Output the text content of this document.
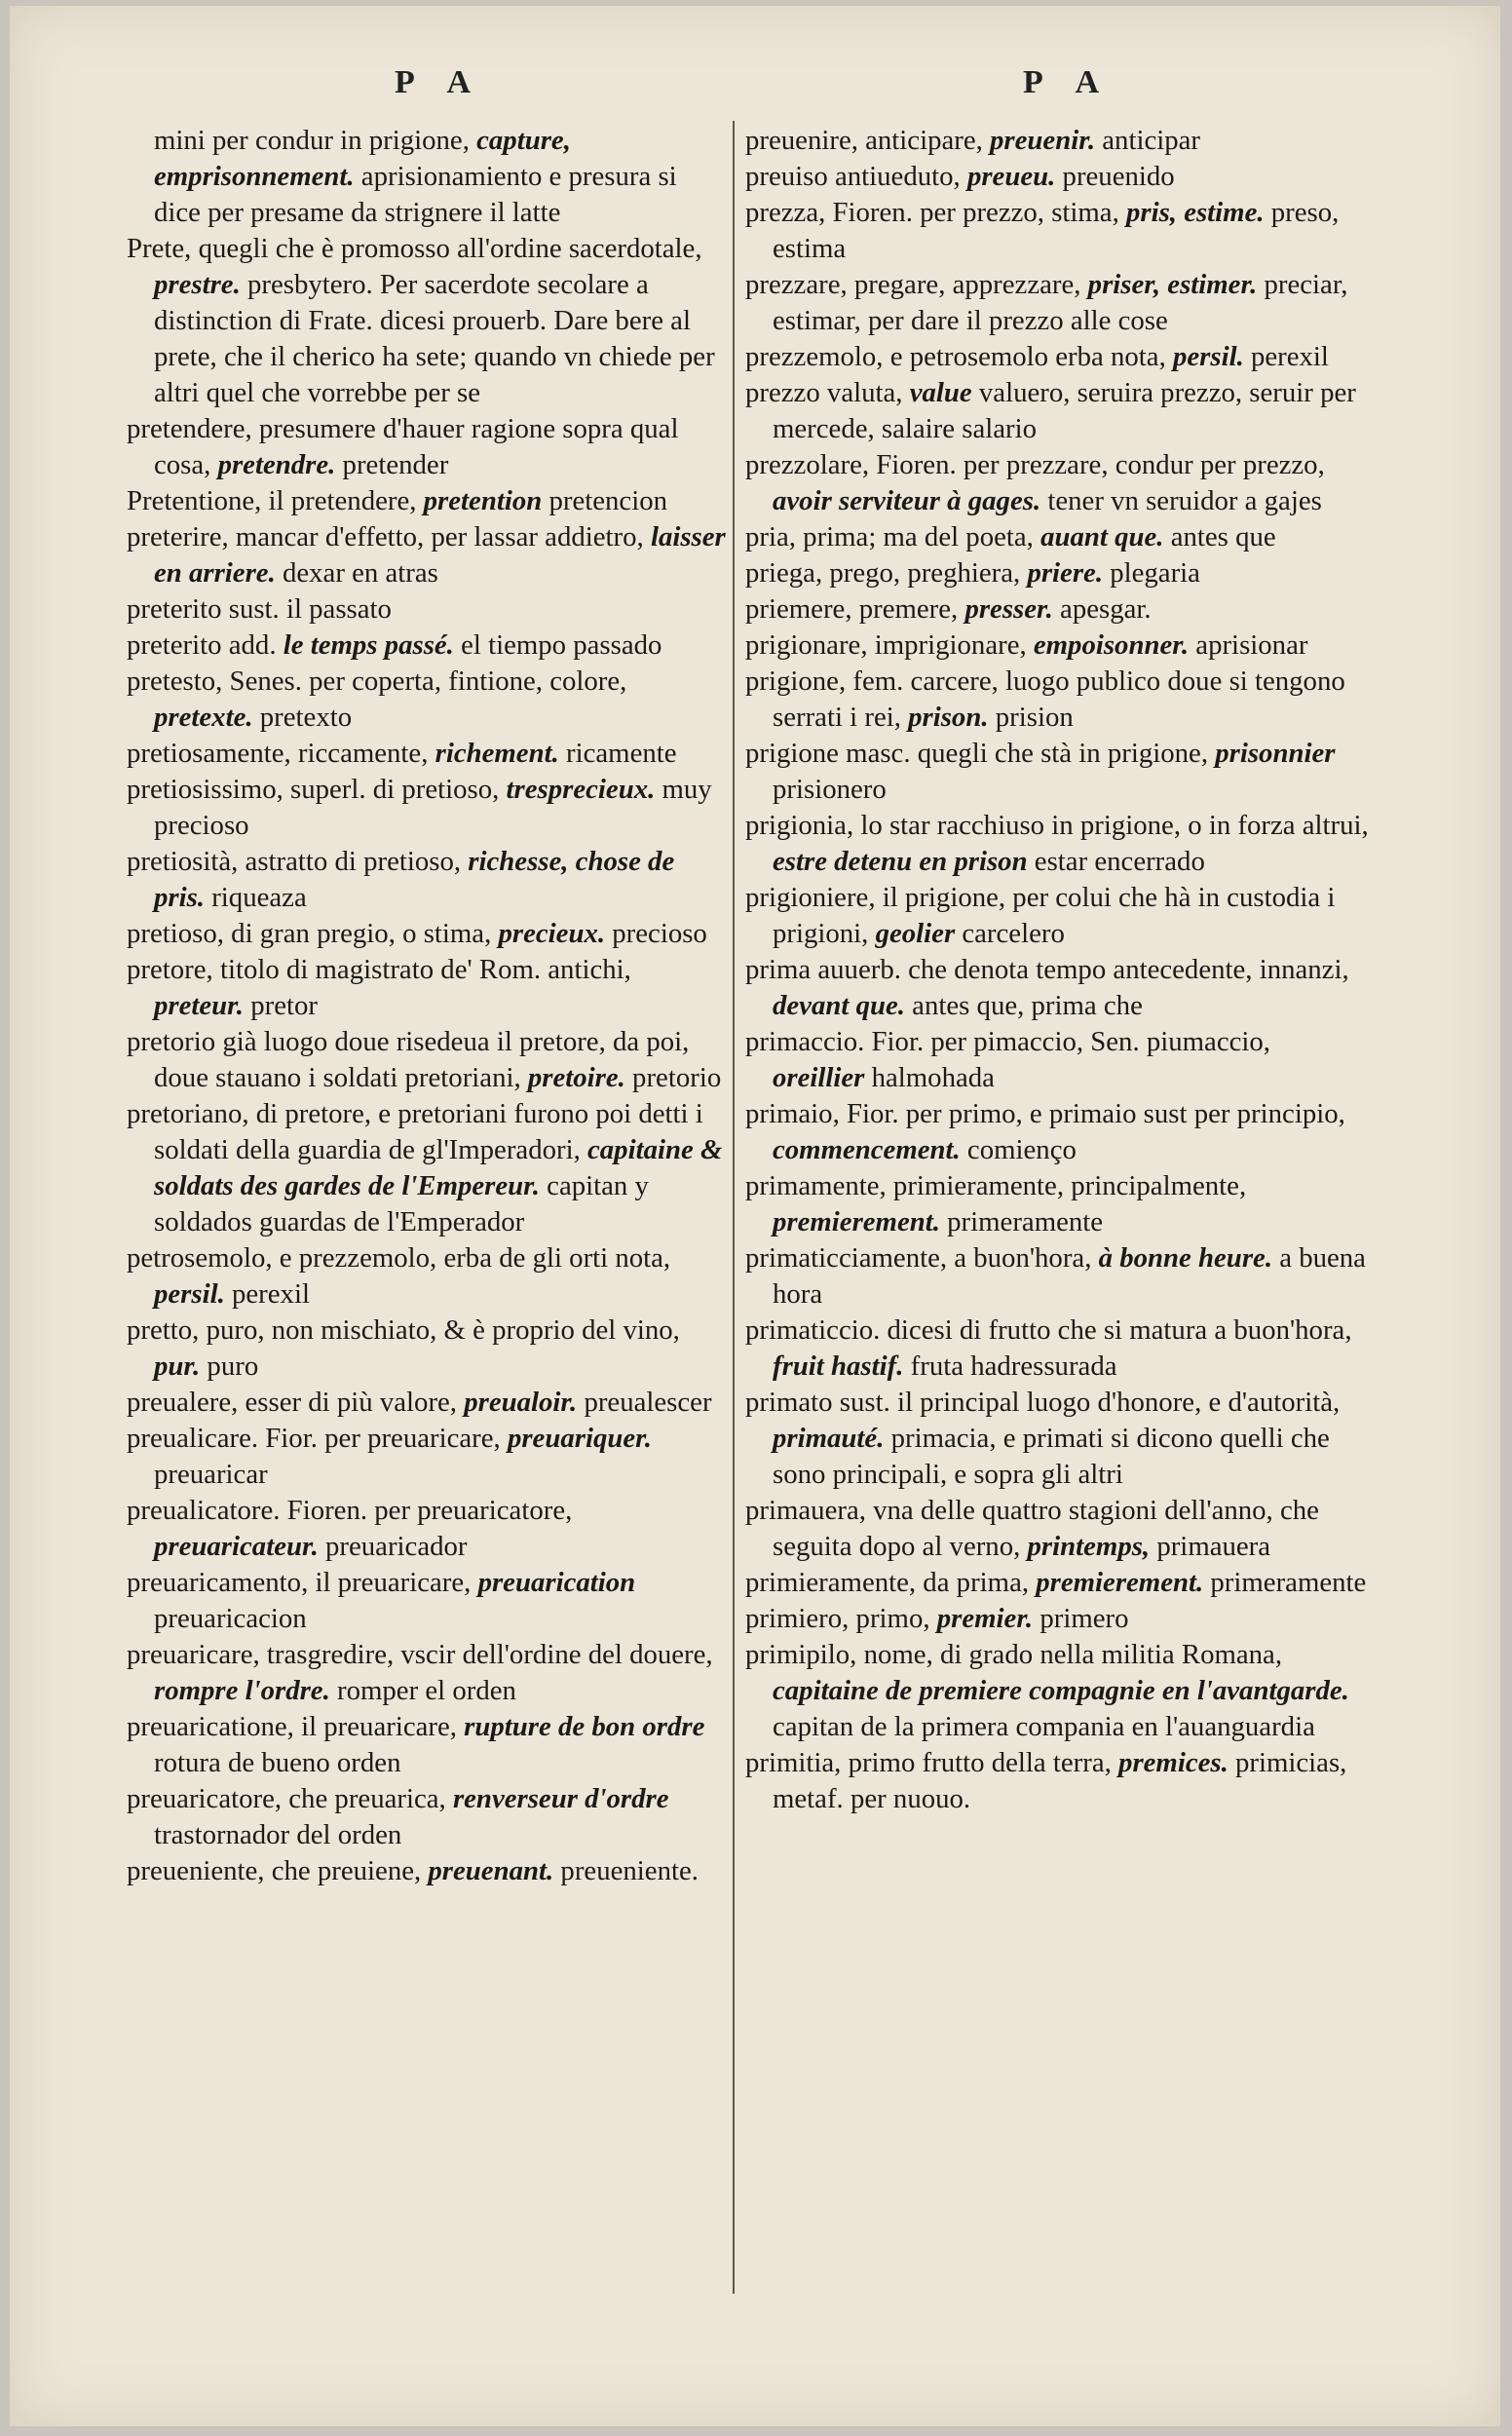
P A	P A
mini per condur in prigione, capture, emprisonnement. aprisionamiento e presura si dice per presame da strignere il latte
Prete, quegli che è promosso all'ordine sacerdotale, prestre. presbytero. Per sacerdote secolare a distinction di Frate. dicesi prouerb. Dare bere al prete, che il cherico ha sete; quando vn chiede per altri quel che vorrebbe per se
pretendere, presumere d'hauer ragione sopra qual cosa, pretendre. pretender
Pretentione, il pretendere, pretention pretencion
preterire, mancar d'effetto, per lassar addietro, laisser en arriere. dexar en atras
preterito sust. il passato
preterito add. le temps passé. el tiempo passado
pretesto, Senes. per coperta, fintione, colore, pretexte. pretexto
pretiosamente, riccamente, richement. ricamente
pretiosissimo, superl. di pretioso, tresprecieux. muy precioso
pretiosità, astratto di pretioso, richesse, chose de pris. riqueaza
pretioso, di gran pregio, o stima, precieux. precioso
pretore, titolo di magistrato de' Rom. antichi, preteur. pretor
pretorio già luogo doue risedeua il pretore, da poi, doue stauano i soldati pretoriani, pretoire. pretorio
pretoriano, di pretore, e pretoriani furono poi detti i soldati della guardia de gl'Imperadori, capitaine & soldats des gardes de l'Empereur. capitan y soldados guardas de l'Emperador
petrosemolo, e prezzemolo, erba de gli orti nota, persil. perexil
pretto, puro, non mischiato, & è proprio del vino, pur. puro
preualere, esser di più valore, preualoir. preualescer
preualicare. Fior. per preuaricare, preuariquer. preuaricar
preualicatore. Fioren. per preuaricatore, preuaricateur. preuaricador
preuaricamento, il preuaricare, preuarication preuaricacion
preuaricare, trasgredire, vscir dell'ordine del douere, rompre l'ordre. romper el orden
preuaricatione, il preuaricare, rupture de bon ordre rotura de bueno orden
preuaricatore, che preuarica, renverseur d'ordre trastornador del orden
preueniente, che preuiene, preuenant. preueniente.
preuenire, anticipare, preuenir. anticipar
preuiso antiueduto, preueu. preuenido
prezza, Fioren. per prezzo, stima, pris, estime. preso, estima
prezzare, pregare, apprezzare, priser, estimer. preciar, estimar, per dare il prezzo alle cose
prezzemolo, e petrosemolo erba nota, persil. perexil
prezzo valuta, value valuero, seruira prezzo, seruir per mercede, salaire salario
prezzolare, Fioren. per prezzare, condur per prezzo, avoir serviteur à gages. tener vn seruidor a gajes
pria, prima; ma del poeta, auant que. antes que
priega, prego, preghiera, priere. plegaria
priemere, premere, presser. apesgar.
prigionare, imprigionare, empoisonner. aprisionar
prigione, fem. carcere, luogo publico doue si tengono serrati i rei, prison. prision
prigione masc. quegli che stà in prigione, prisonnier prisionero
prigionia, lo star racchiuso in prigione, o in forza altrui, estre detenu en prison estar encerrado
prigioniere, il prigione, per colui che hà in custodia i prigioni, geolier carcelero
prima auuerb. che denota tempo antecedente, innanzi, devant que. antes que, prima che
primaccio. Fior. per pimaccio, Sen. piumaccio, oreillier halmohada
primaio, Fior. per primo, e primaio sust per principio, commencement. comienço
primamente, primieramente, principalmente, premierement. primeramente
primaticciamente, a buon'hora, à bonne heure. a buena hora
primaticcio. dicesi di frutto che si matura a buon'hora, fruit hastif. fruta hadressurada
primato sust. il principal luogo d'honore, e d'autorità, primauté. primacia, e primati si dicono quelli che sono principali, e sopra gli altri
primauera, vna delle quattro stagioni dell'anno, che seguita dopo al verno, printemps, primauera
primieramente, da prima, premierement. primeramente
primiero, primo, premier. primero
primipilo, nome, di grado nella militia Romana, capitaine de premiere compagnie en l'avantgarde. capitan de la primera compania en l'auanguardia
primitia, primo frutto della terra, premices. primicias, metaf. per nuouo.
